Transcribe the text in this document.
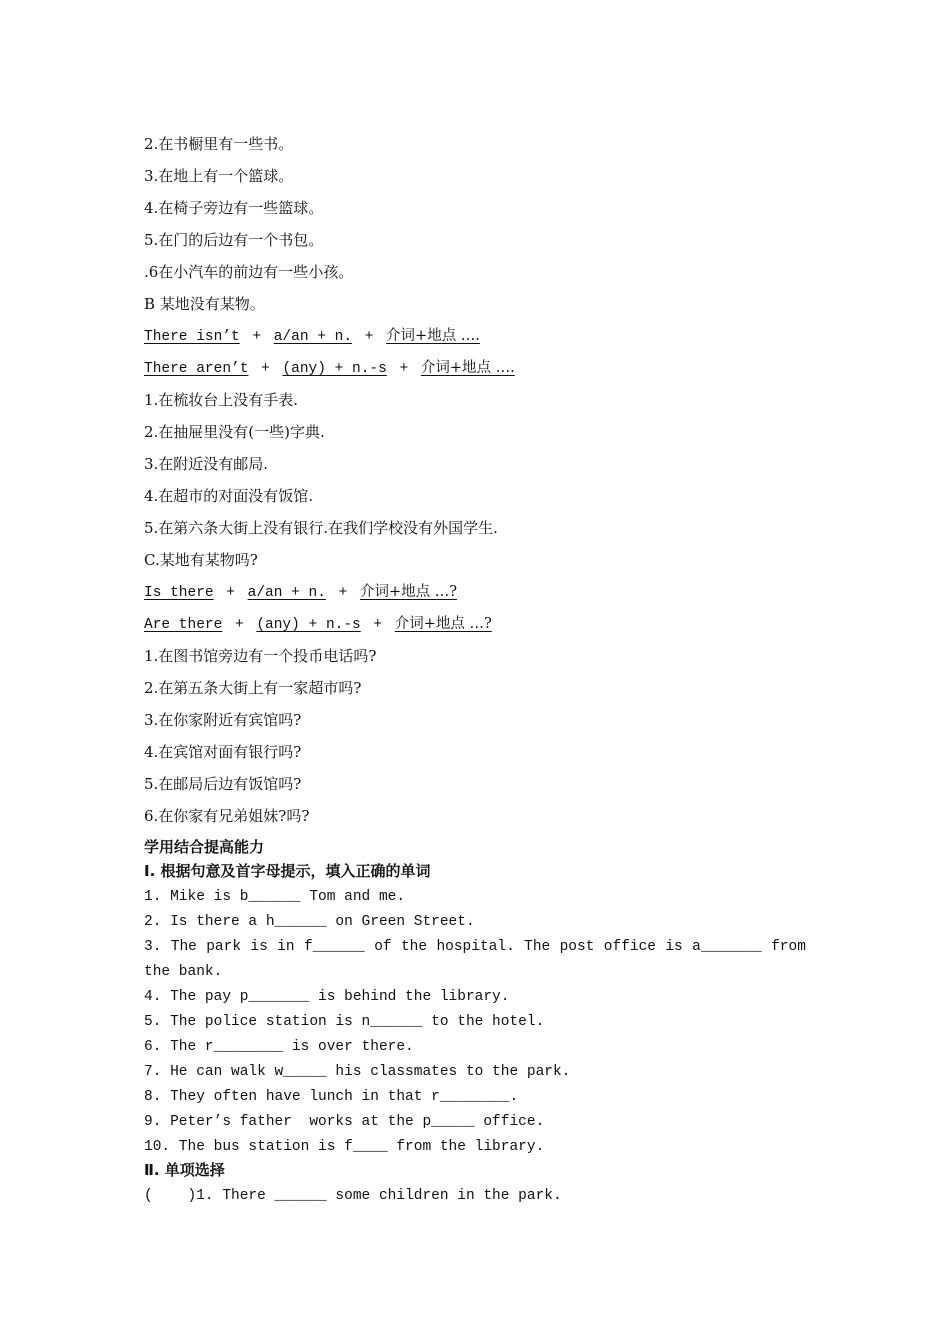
2.在书橱里有一些书。
3.在地上有一个篮球。
4.在椅子旁边有一些篮球。
5.在门的后边有一个书包。
.6在小汽车的前边有一些小孩。
B 某地没有某物。
There isn’t + a/an + n. + 介词+地点 ….
There aren’t + (any) + n.-s + 介词+地点 ….
1.在梳妆台上没有手表.
2.在抽屉里没有(一些)字典.
3.在附近没有邮局.
4.在超市的对面没有饭馆.
5.在第六条大街上没有银行.在我们学校没有外国学生.
C.某地有某物吗?
Is there + a/an + n. + 介词+地点 …?
Are there + (any) + n.-s + 介词+地点 …?
1.在图书馆旁边有一个投币电话吗?
2.在第五条大街上有一家超市吗?
3.在你家附近有宾馆吗?
4.在宾馆对面有银行吗?
5.在邮局后边有饭馆吗?
6.在你家有兄弟姐妹?吗?
学用结合提高能力
Ⅰ. 根据句意及首字母提示，填入正确的单词
1. Mike is b______ Tom and me.
2. Is there a h______ on Green Street.
3. The park is in f______ of the hospital. The post office is a_______ from
the bank.
4. The pay p_______ is behind the library.
5. The police station is n______ to the hotel.
6. The r________ is over there.
7. He can walk w_____ his classmates to the park.
8. They often have lunch in that r________.
9. Peter’s father  works at the p_____ office.
10. The bus station is f____ from the library.
Ⅱ. 单项选择
(    )1. There ______ some children in the park.
